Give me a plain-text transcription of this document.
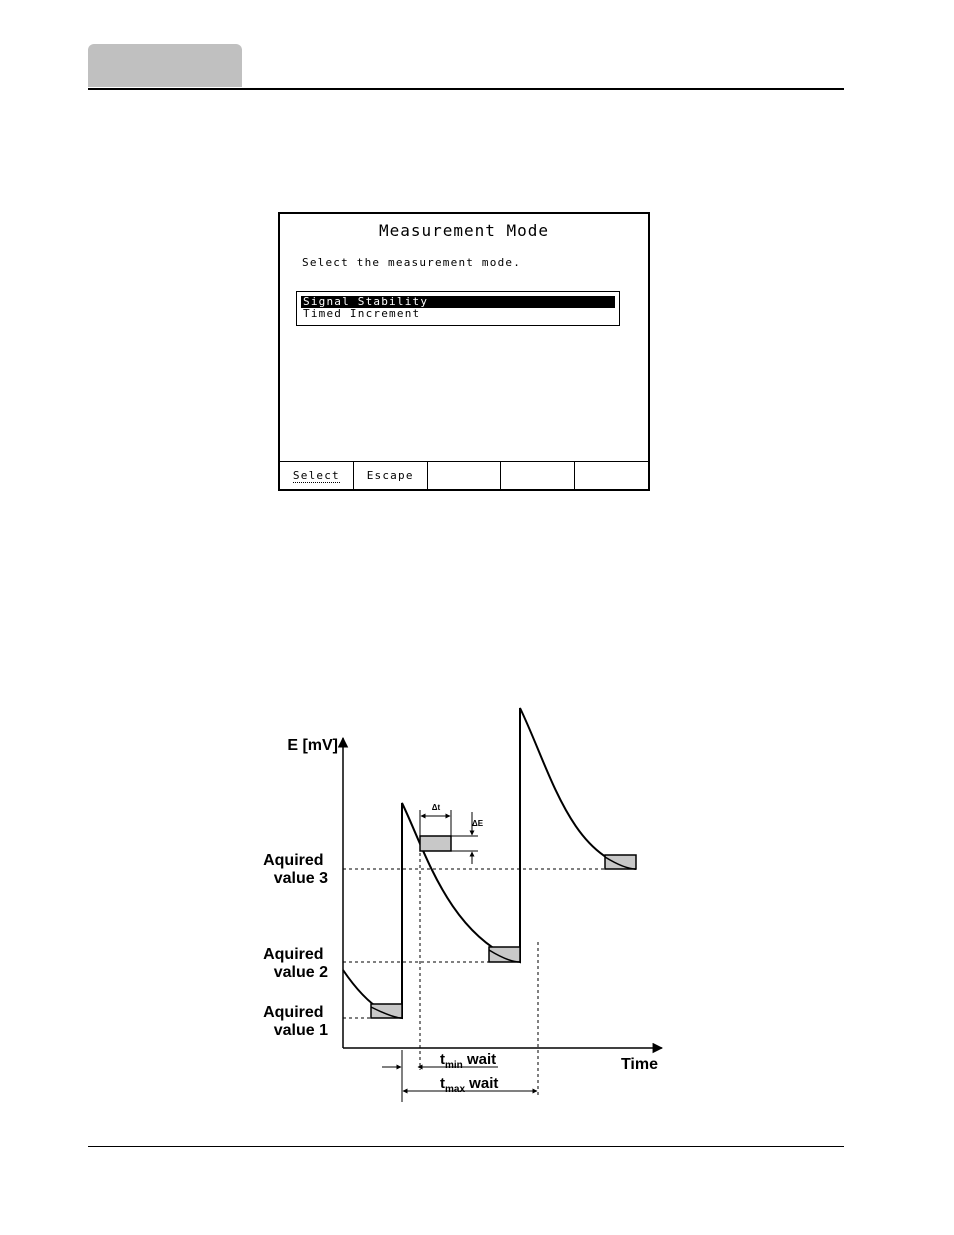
Measurement Mode
Select the measurement mode.
Signal Stability
Timed Increment
Select Escape
E [mV]
Time
Δt
ΔE
$t_{min}$ wait
$t_{max}$ wait
Aquired value 3
Aquired value 2
Aquired value 1
